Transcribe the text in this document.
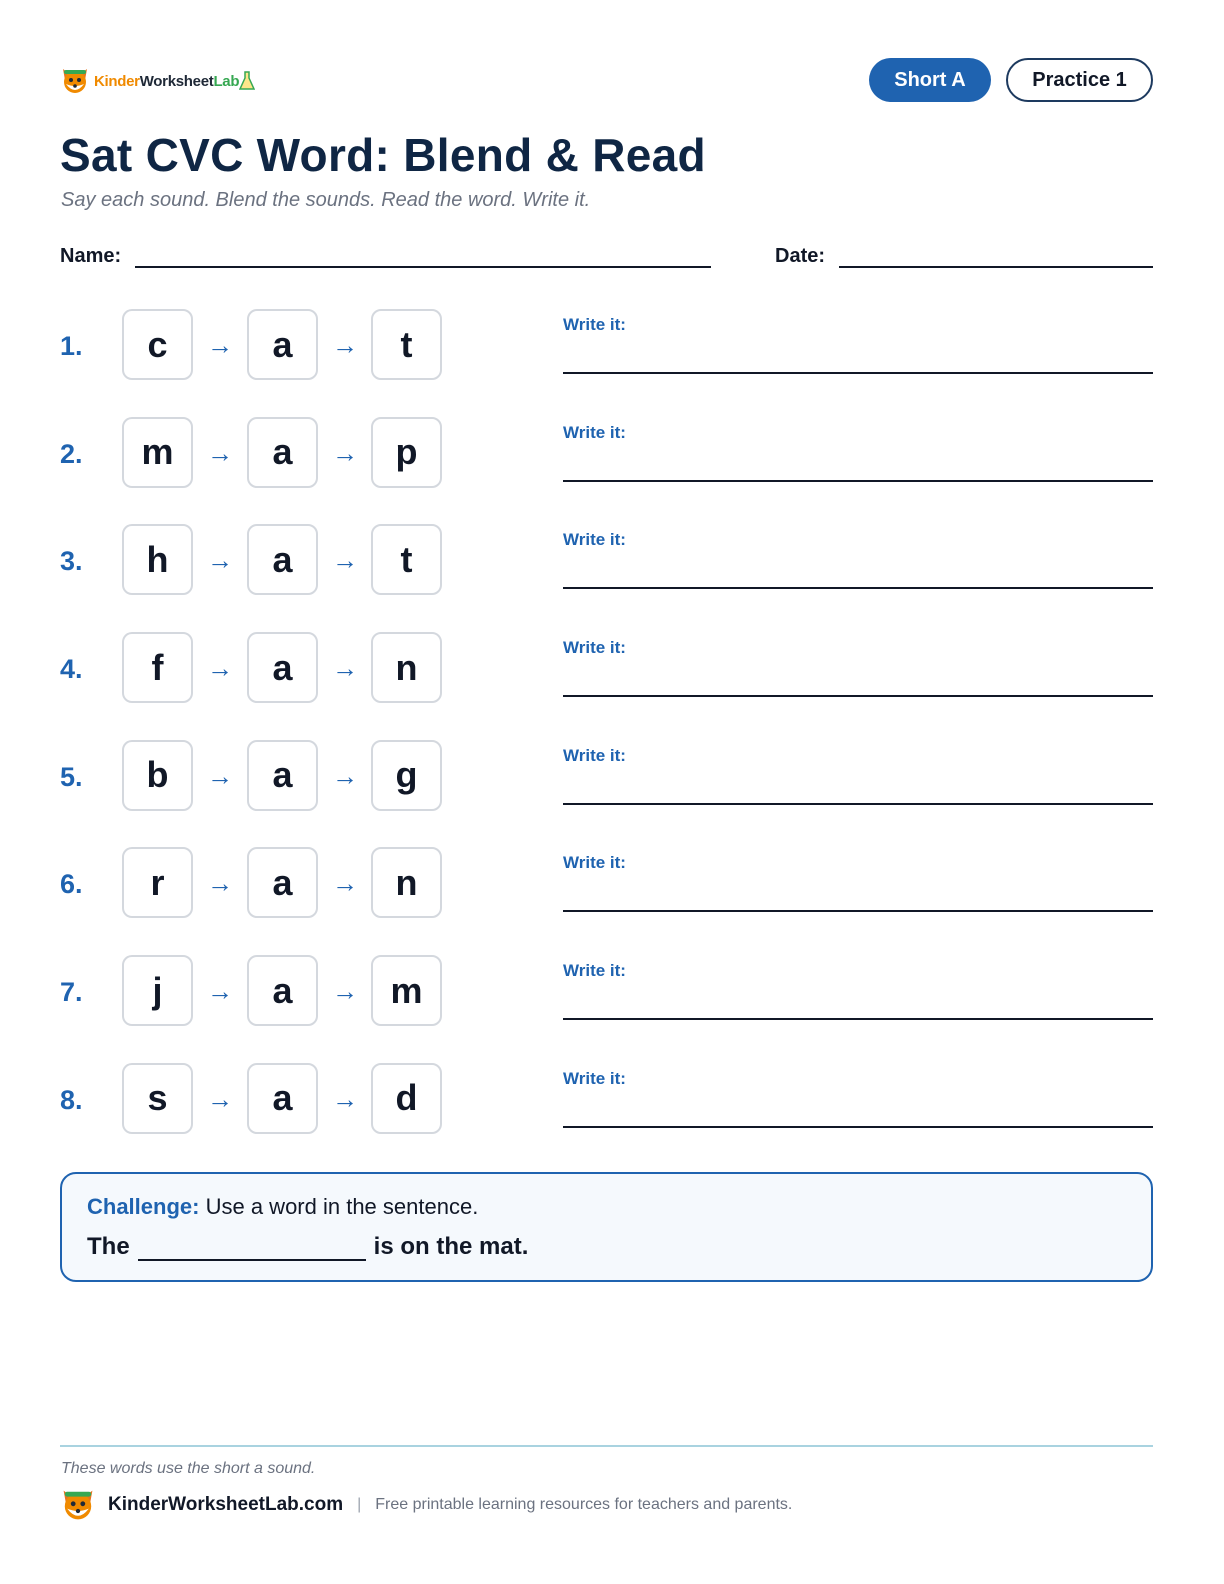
KinderWorksheetLab	Short A	Practice 1
Sat CVC Word: Blend & Read
Say each sound. Blend the sounds. Read the word. Write it.
Name:	Date:
1.	c	→	a	→	t	Write it:
2.	m	→	a	→	p	Write it:
3.	h	→	a	→	t	Write it:
4.	f	→	a	→	n	Write it:
5.	b	→	a	→	g	Write it:
6.	r	→	a	→	n	Write it:
7.	j	→	a	→ m	Write it:
8.	s	→	a	→	d	Write it:
Challenge: Use a word in the sentence.
The	is on the mat.
These words use the short a sound.
KinderWorksheetLab.com | Free printable learning resources for teachers and parents.
